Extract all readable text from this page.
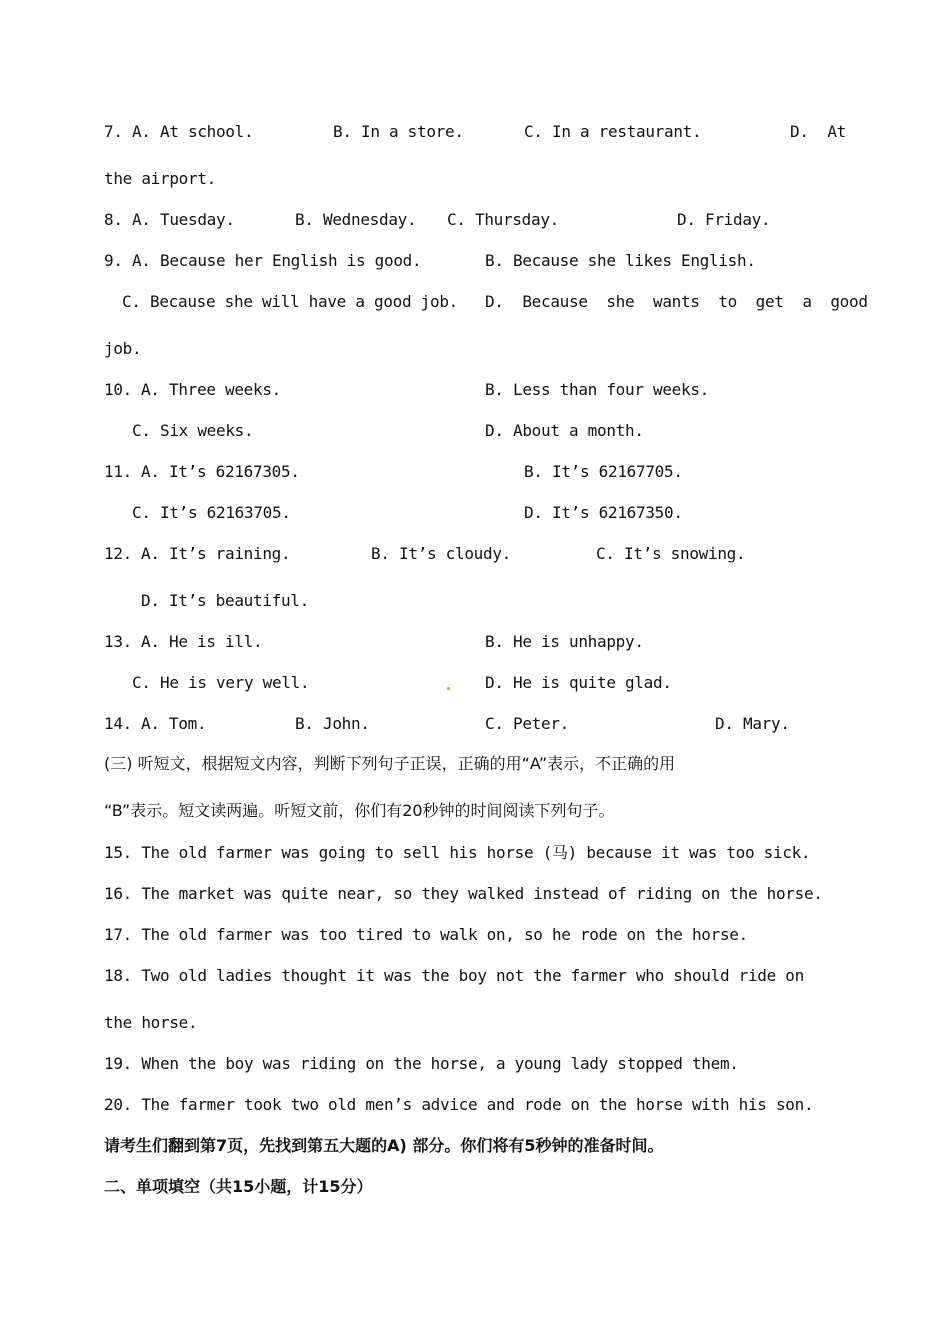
7. A. At school.	B. In a store.	C. In a restaurant.	D.  At
the airport.
8. A. Tuesday.	B. Wednesday. C. Thursday.	D. Friday.
9. A. Because her English is good.	B. Because she likes English.
C. Because she will have a good job. D.  Because  she  wants  to  get  a  good
job.
10. A. Three weeks.	B. Less than four weeks.
C. Six weeks.	D. About a month.
11. A. It’s 62167305.	B. It’s 62167705.
C. It’s 62163705.	D. It’s 62167350.
12. A. It’s raining.	B. It’s cloudy.	C. It’s snowing.
D. It’s beautiful.
13. A. He is ill.	B. He is unhappy.
C. He is very well.	D. He is quite glad.
14. A. Tom.	B. John.	C. Peter.	D. Mary.
(三) 听短文，根据短文内容，判断下列句子正误，正确的用“A”表示，不正确的用
“B”表示。短文读两遍。听短文前，你们有20秒钟的时间阅读下列句子。
15. The old farmer was going to sell his horse (马) because it was too sick.
16. The market was quite near, so they walked instead of riding on the horse.
17. The old farmer was too tired to walk on, so he rode on the horse.
18. Two old ladies thought it was the boy not the farmer who should ride on
the horse.
19. When the boy was riding on the horse, a young lady stopped them.
20. The farmer took two old men’s advice and rode on the horse with his son.
请考生们翻到第7页，先找到第五大题的A) 部分。你们将有5秒钟的准备时间。
二、单项填空（共15小题，计15分）
